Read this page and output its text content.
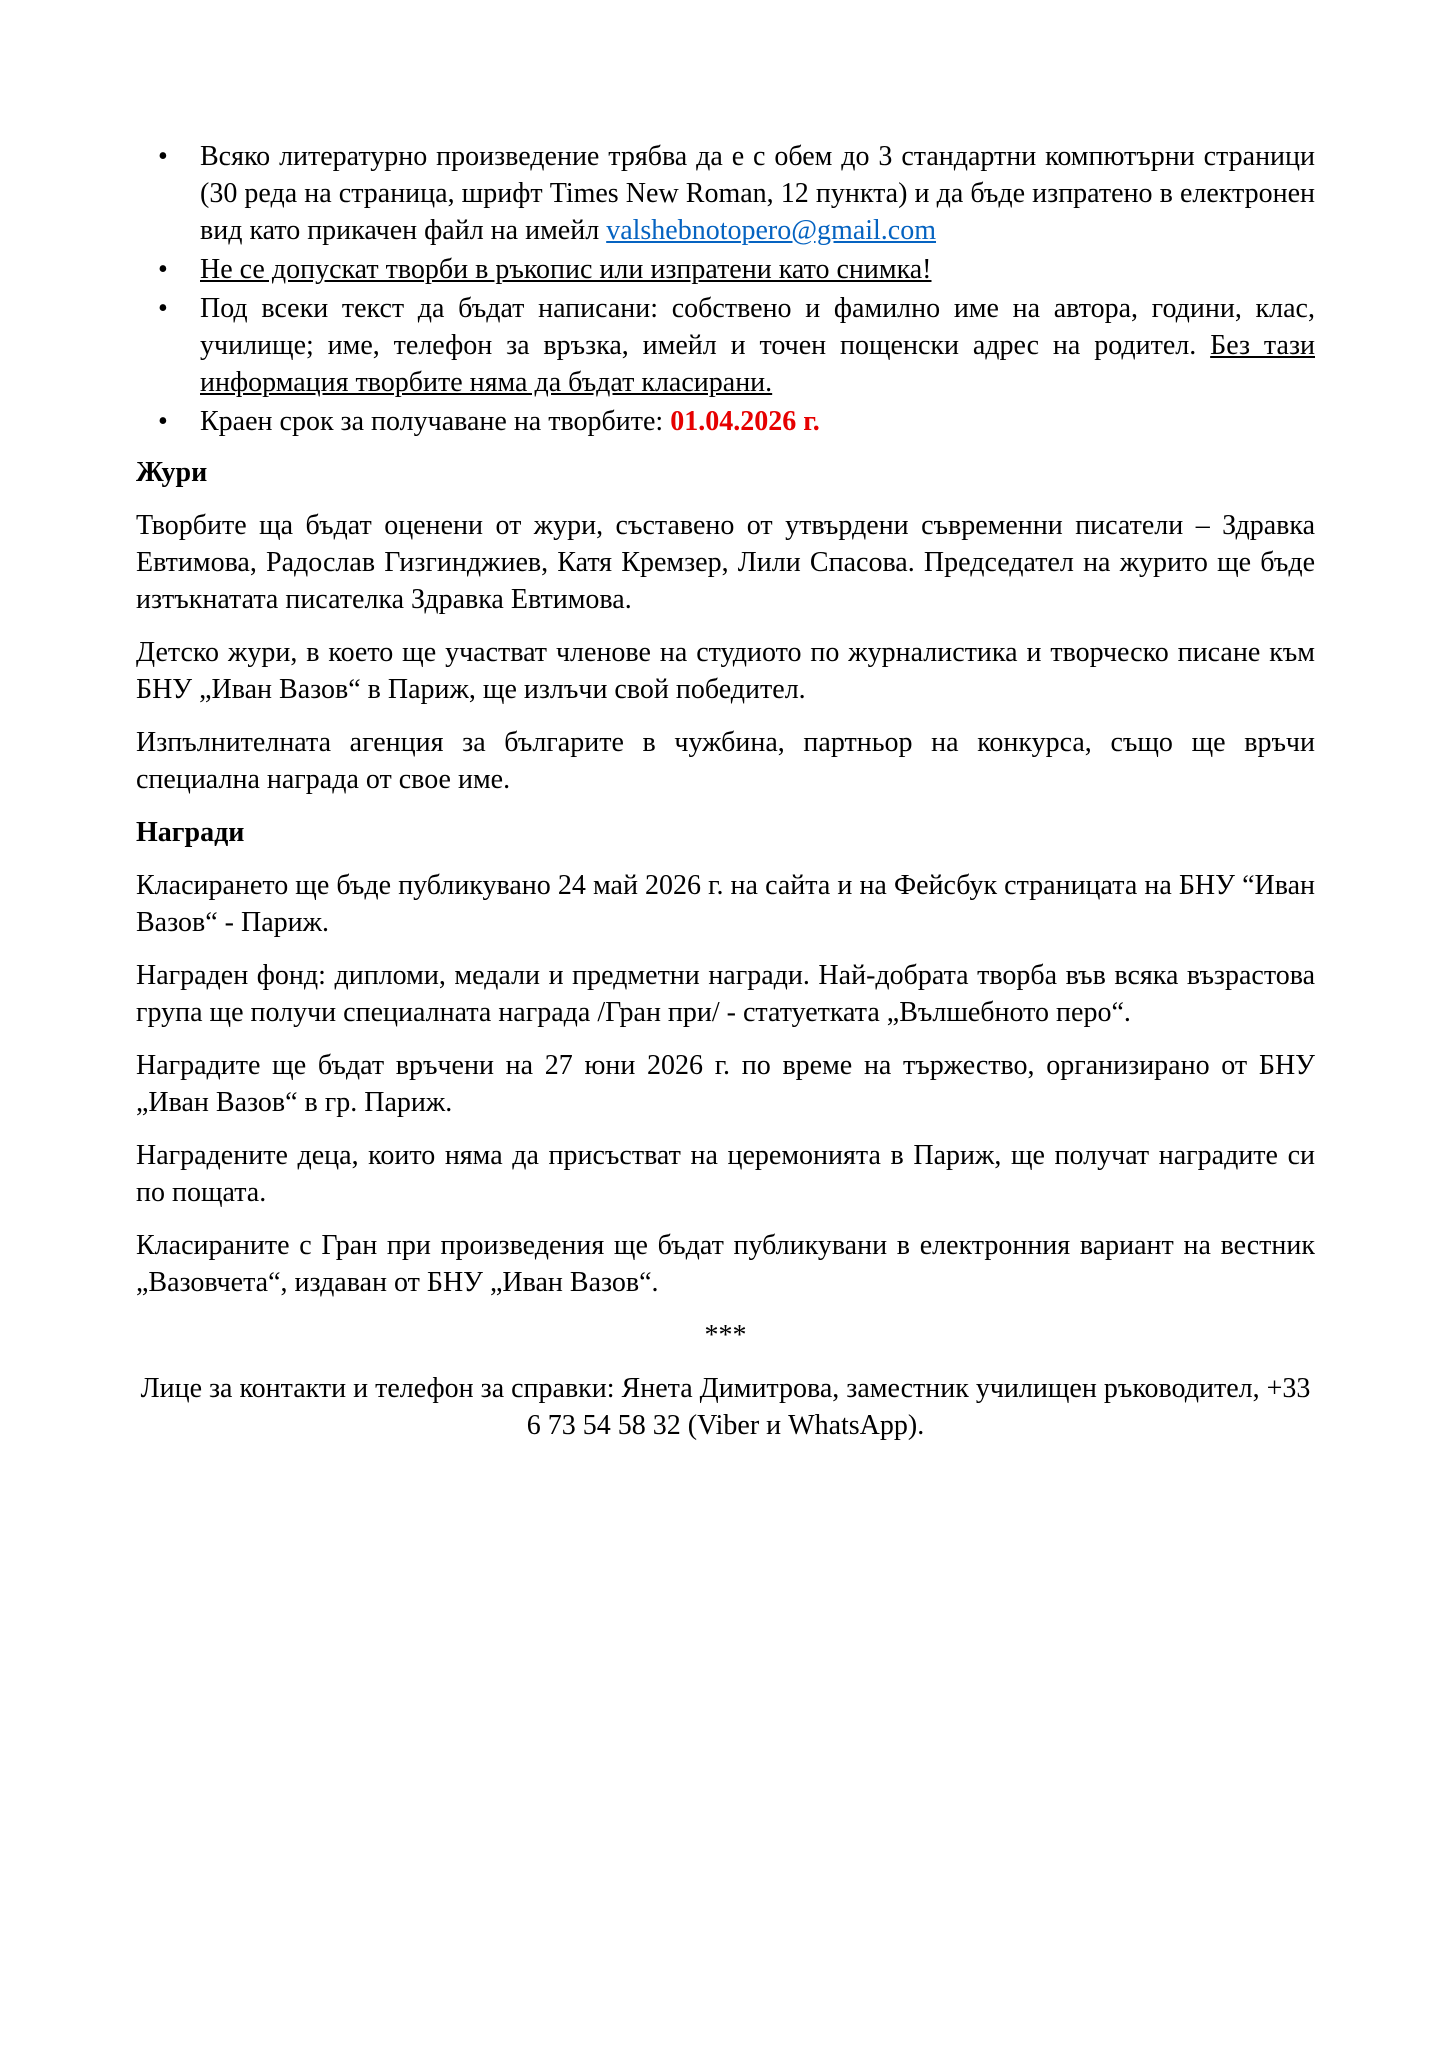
• Всяко литературно произведение трябва да е с обем до 3 стандартни компютърни страници (30 реда на страница, шрифт Times New Roman, 12 пункта) и да бъде изпратено в електронен вид като прикачен файл на имейл valshebnotopero@gmail.com
• Не се допускат творби в ръкопис или изпратени като снимка!
• Под всеки текст да бъдат написани: собствено и фамилно име на автора, години, клас, училище; име, телефон за връзка, имейл и точен пощенски адрес на родител. Без тази информация творбите няма да бъдат класирани.
• Краен срок за получаване на творбите: 01.04.2026 г.
Жури

Творбите ща бъдат оценени от жури, съставено от утвърдени съвременни писатели – Здравка Евтимова, Радослав Гизгинджиев, Катя Кремзер, Лили Спасова. Председател на журито ще бъде изтъкнатата писателка Здравка Евтимова.

Детско жури, в което ще участват членове на студиото по журналистика и творческо писане към БНУ „Иван Вазов“ в Париж, ще излъчи свой победител.

Изпълнителната агенция за българите в чужбина, партньор на конкурса, също ще връчи специална награда от свое име.

Награди

Класирането ще бъде публикувано 24 май 2026 г. на сайта и на Фейсбук страницата на БНУ “Иван Вазов“ - Париж.

Награден фонд: дипломи, медали и предметни награди. Най-добрата творба във всяка възрастова група ще получи специалната награда /Гран при/ - статуетката „Вълшебното перо“.

Наградите ще бъдат връчени на 27 юни 2026 г. по време на тържество, организирано от БНУ „Иван Вазов“ в гр. Париж.

Наградените деца, които няма да присъстват на церемонията в Париж, ще получат наградите си по пощата.

Класираните с Гран при произведения ще бъдат публикувани в електронния вариант на вестник „Вазовчета“, издаван от БНУ „Иван Вазов“.

***

Лице за контакти и телефон за справки: Янета Димитрова, заместник училищен ръководител, +33 6 73 54 58 32 (Viber и WhatsApp).
